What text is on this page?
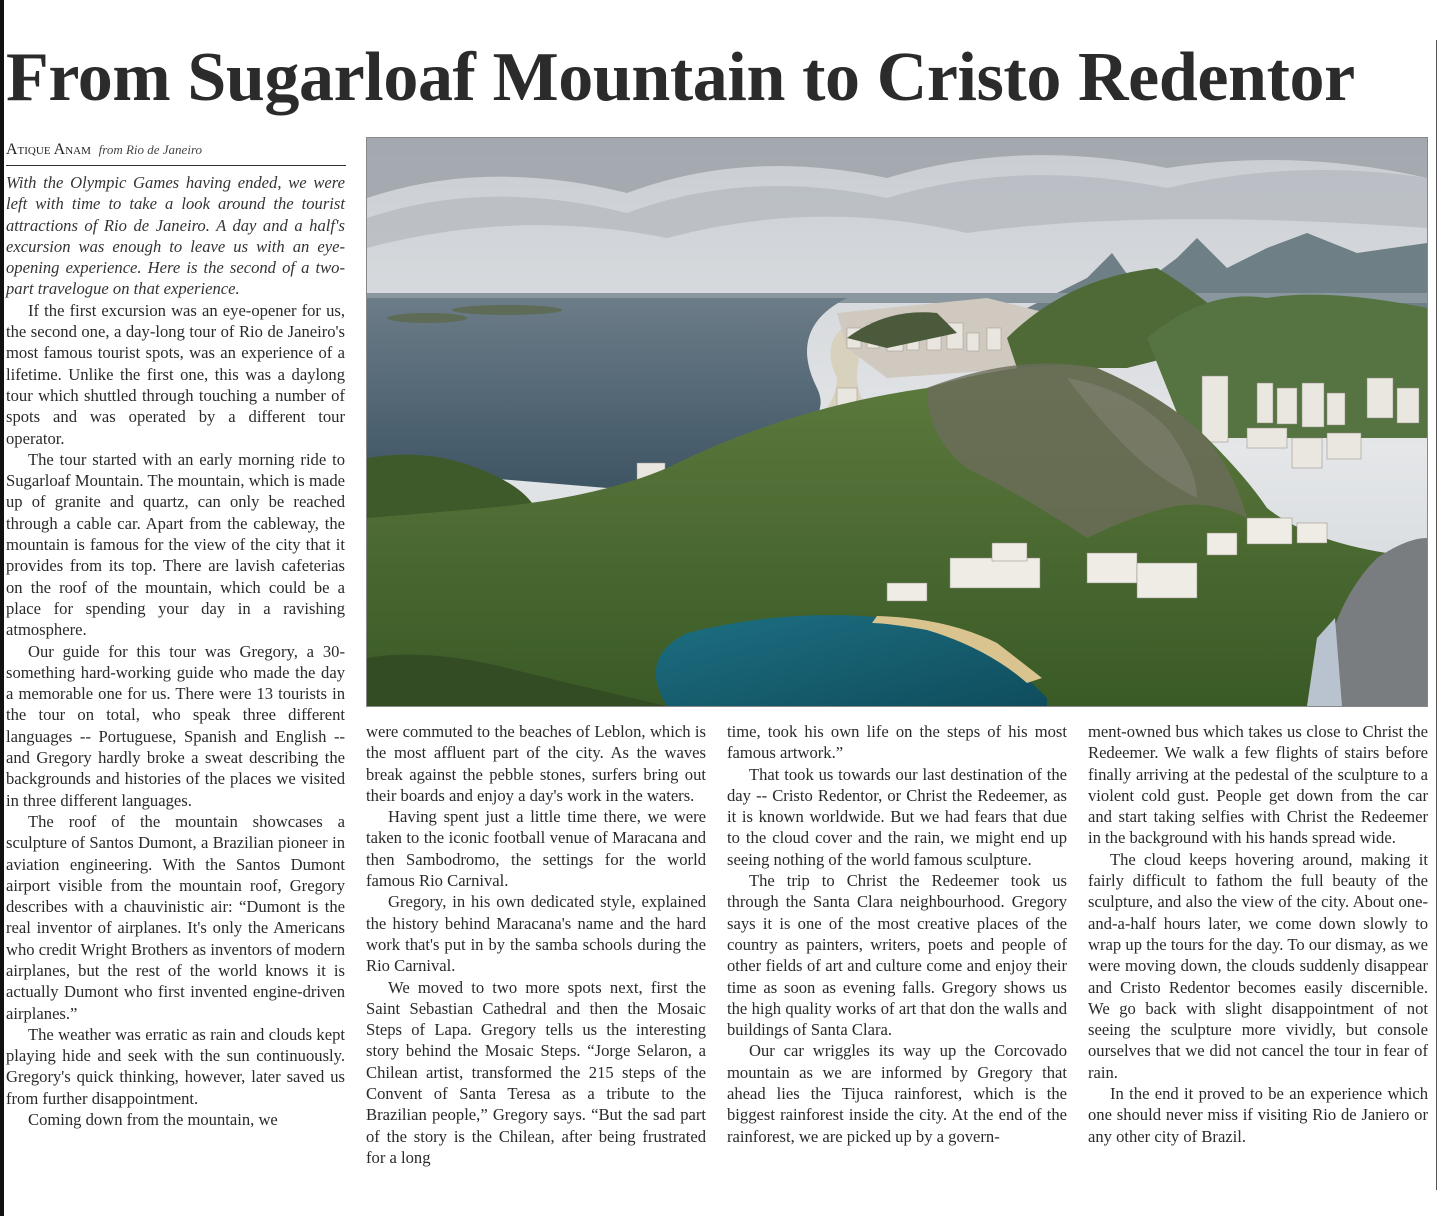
From Sugarloaf Mountain to Cristo Redentor
Atique Anam from Rio de Janeiro

With the Olympic Games having ended, we were left with time to take a look around the tourist attractions of Rio de Janeiro. A day and a half's excursion was enough to leave us with an eye-opening experience. Here is the second of a two-part travelogue on that experience.

If the first excursion was an eye-opener for us, the second one, a day-long tour of Rio de Janeiro's most famous tourist spots, was an experience of a lifetime. Unlike the first one, this was a daylong tour which shuttled through touching a number of spots and was operated by a different tour operator.

The tour started with an early morning ride to Sugarloaf Mountain. The mountain, which is made up of granite and quartz, can only be reached through a cable car. Apart from the cableway, the mountain is famous for the view of the city that it provides from its top. There are lavish cafeterias on the roof of the mountain, which could be a place for spending your day in a ravishing atmosphere.

Our guide for this tour was Gregory, a 30-something hard-working guide who made the day a memorable one for us. There were 13 tourists in the tour on total, who speak three different languages -- Portuguese, Spanish and English -- and Gregory hardly broke a sweat describing the backgrounds and histories of the places we visited in three different languages.

The roof of the mountain showcases a sculpture of Santos Dumont, a Brazilian pioneer in aviation engineering. With the Santos Dumont airport visible from the mountain roof, Gregory describes with a chauvinistic air: “Dumont is the real inventor of airplanes. It's only the Americans who credit Wright Brothers as inventors of modern airplanes, but the rest of the world knows it is actually Dumont who first invented engine-driven airplanes.”

The weather was erratic as rain and clouds kept playing hide and seek with the sun continuously. Gregory's quick thinking, however, later saved us from further disappointment.

Coming down from the mountain, we

were commuted to the beaches of Leblon, which is the most affluent part of the city. As the waves break against the pebble stones, surfers bring out their boards and enjoy a day's work in the waters.

Having spent just a little time there, we were taken to the iconic football venue of Maracana and then Sambodromo, the settings for the world famous Rio Carnival.

Gregory, in his own dedicated style, explained the history behind Maracana's name and the hard work that's put in by the samba schools during the Rio Carnival.

We moved to two more spots next, first the Saint Sebastian Cathedral and then the Mosaic Steps of Lapa. Gregory tells us the interesting story behind the Mosaic Steps. “Jorge Selaron, a Chilean artist, transformed the 215 steps of the Convent of Santa Teresa as a tribute to the Brazilian people,” Gregory says. “But the sad part of the story is the Chilean, after being frustrated for a long

time, took his own life on the steps of his most famous artwork.”

That took us towards our last destination of the day -- Cristo Redentor, or Christ the Redeemer, as it is known worldwide. But we had fears that due to the cloud cover and the rain, we might end up seeing nothing of the world famous sculpture.

The trip to Christ the Redeemer took us through the Santa Clara neighbourhood. Gregory says it is one of the most creative places of the country as painters, writers, poets and people of other fields of art and culture come and enjoy their time as soon as evening falls. Gregory shows us the high quality works of art that don the walls and buildings of Santa Clara.

Our car wriggles its way up the Corcovado mountain as we are informed by Gregory that ahead lies the Tijuca rainforest, which is the biggest rainforest inside the city. At the end of the rainforest, we are picked up by a govern-

ment-owned bus which takes us close to Christ the Redeemer. We walk a few flights of stairs before finally arriving at the pedestal of the sculpture to a violent cold gust. People get down from the car and start taking selfies with Christ the Redeemer in the background with his hands spread wide.

The cloud keeps hovering around, making it fairly difficult to fathom the full beauty of the sculpture, and also the view of the city. About one-and-a-half hours later, we come down slowly to wrap up the tours for the day. To our dismay, as we were moving down, the clouds suddenly disappear and Cristo Redentor becomes easily discernible. We go back with slight disappointment of not seeing the sculpture more vividly, but console ourselves that we did not cancel the tour in fear of rain.

In the end it proved to be an experience which one should never miss if visiting Rio de Janiero or any other city of Brazil.
